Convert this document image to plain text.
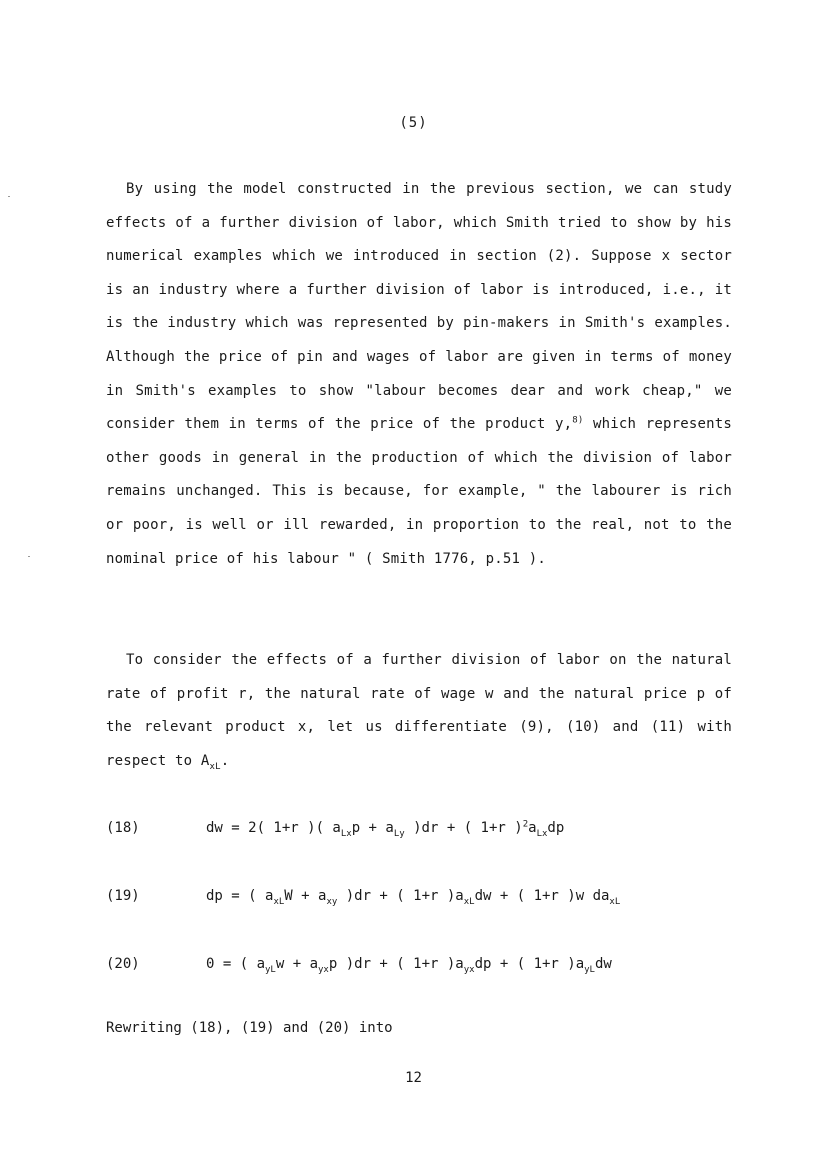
(5)
By using the model constructed in the previous section, we can study effects of a further division of labor, which Smith tried to show by his numerical examples which we introduced in section (2). Suppose x sector is an industry where a further division of labor is introduced, i.e., it is the industry which was represented by pin-makers in Smith's examples. Although the price of pin and wages of labor are given in terms of money in Smith's examples to show "labour becomes dear and work cheap," we consider them in terms of the price of the product y,$^{8)}$ which represents other goods in general in the production of which the division of labor remains unchanged. This is because, for example, " the labourer is rich or poor, is well or ill rewarded, in proportion to the real, not to the nominal price of his labour " ( Smith 1776, p.51 ).
To consider the effects of a further division of labor on the natural rate of profit r, the natural rate of wage w and the natural price p of the relevant product x, let us differentiate (9), (10) and (11) with respect to $A_{xL}$.
(18)	dw = 2( 1+r )( $a_{Lx}p + a_{Ly}$ )dr + ( 1+r )$^2a_{Lx}dp$
(19)	dp = ( $a_{xL}W + a_{xy}$ )dr + ( 1+r )$a_{xL}dw$ + ( 1+r )w $da_{xL}$
(20)	0 = ( $a_{yL}w + a_{yx}p$ )dr + ( 1+r )$a_{yx}dp$ + ( 1+r )$a_{yL}dw$
Rewriting (18), (19) and (20) into
12
